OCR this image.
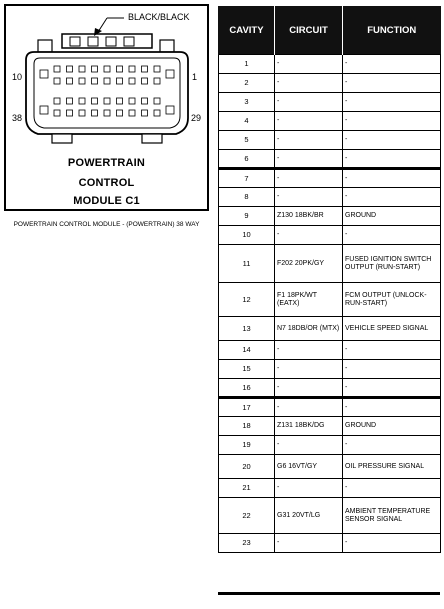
BLACK/BLACK
10	1
38	29
POWERTRAIN
CONTROL
MODULE C1
POWERTRAIN CONTROL MODULE - (POWERTRAIN) 38 WAY
CAVITY	CIRCUIT	FUNCTION
1	-	-
2	-	-
3	-	-
4	-	-
5	-	-
6	-	-
7	-	-
8	-	-
9	Z130 18BK/BR	GROUND
10	-	-
11	F202 20PK/GY	FUSED IGNITION SWITCH OUTPUT (RUN-START)
12	F1 18PK/WT (EATX)	FCM OUTPUT (UNLOCK-RUN-START)
13	N7 18DB/OR (MTX)	VEHICLE SPEED SIGNAL
14	-	-
15	-	-
16	-	-
17	-	-
18	Z131 18BK/DG	GROUND
19	-	-
20	G6 16VT/GY	OIL PRESSURE SIGNAL
21	-	-
22	G31 20VT/LG	AMBIENT TEMPERATURE SENSOR SIGNAL
23	-	-
